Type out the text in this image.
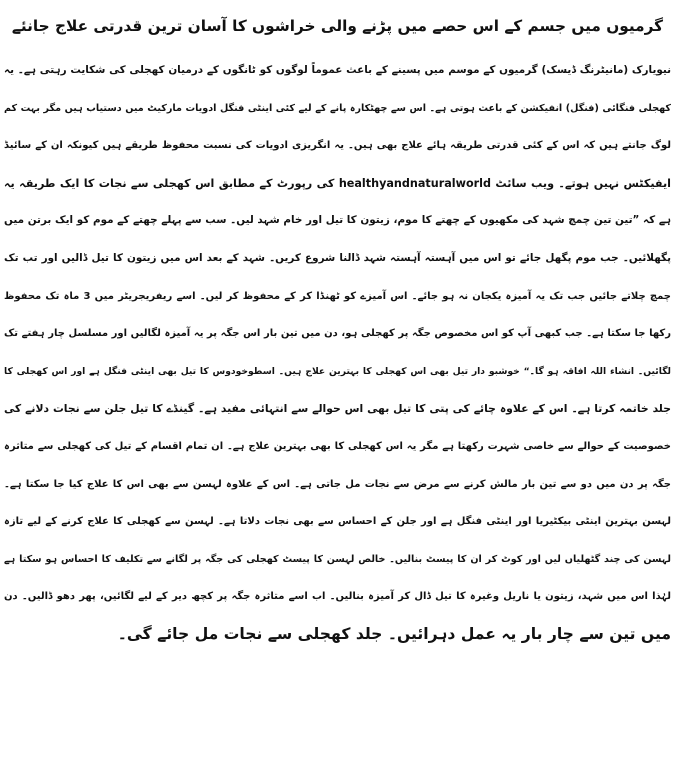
گرمیوں میں جسم کے اس حصے میں پڑنے والی خراشوں کا آسان ترین قدرتی علاج جانئے
نیویارک (مانیٹرنگ ڈیسک) گرمیوں کے موسم میں پسینے کے باعث عموماً لوگوں کو ٹانگوں کے درمیان کھجلی کی شکایت رہتی ہے۔ یہ
کھجلی فنگائی (فنگل) انفیکشن کے باعث ہوتی ہے۔ اس سے چھٹکارہ پانے کے لیے کئی اینٹی فنگل ادویات مارکیٹ میں دستیاب ہیں مگر بہت کم
لوگ جانتے ہیں کہ اس کے کئی قدرتی طریقہ ہائے علاج بھی ہیں۔ یہ انگریزی ادویات کی نسبت محفوظ طریقے ہیں کیونکہ ان کے سائیڈ
ایفیکٹس نہیں ہوتے۔ ویب سائٹ healthyandnaturalworld کی رپورٹ کے مطابق اس کھجلی سے نجات کا ایک طریقہ یہ
ہے کہ ”تین تین چمچ شہد کی مکھیوں کے چھتے کا موم، زیتون کا تیل اور خام شہد لیں۔ سب سے پہلے چھتے کے موم کو ایک برتن میں
پگھلائیں۔ جب موم پگھل جائے تو اس میں آہستہ آہستہ شہد ڈالنا شروع کریں۔ شہد کے بعد اس میں زیتون کا تیل ڈالیں اور تب تک
چمچ چلاتے جائیں جب تک یہ آمیزہ یکجان نہ ہو جائے۔ اس آمیزے کو ٹھنڈا کر کے محفوظ کر لیں۔ اسے ریفریجریٹر میں 3 ماہ تک محفوظ
رکھا جا سکتا ہے۔ جب کبھی آپ کو اس مخصوص جگہ پر کھجلی ہو، دن میں تین بار اس جگہ پر یہ آمیزہ لگالیں اور مسلسل چار ہفتے تک
لگائیں۔ انشاء اللہ افاقہ ہو گا۔“ خوشبو دار تیل بھی اس کھجلی کا بہترین علاج ہیں۔ اسطوخودوس کا تیل بھی اینٹی فنگل ہے اور اس کھجلی کا
جلد خاتمہ کرتا ہے۔ اس کے علاوہ چائے کی پتی کا تیل بھی اس حوالے سے انتہائی مفید ہے۔ گینڈے کا تیل جلن سے نجات دلانے کی
خصوصیت کے حوالے سے خاصی شہرت رکھتا ہے مگر یہ اس کھجلی کا بھی بہترین علاج ہے۔ ان تمام اقسام کے تیل کی کھجلی سے متاثرہ
جگہ پر دن میں دو سے تین بار مالش کرنے سے مرض سے نجات مل جاتی ہے۔ اس کے علاوہ لہسن سے بھی اس کا علاج کیا جا سکتا ہے۔
لہسن بہترین اینٹی بیکٹیریا اور اینٹی فنگل ہے اور جلن کے احساس سے بھی نجات دلاتا ہے۔ لہسن سے کھجلی کا علاج کرنے کے لیے تازہ
لہسن کی چند گٹھلیاں لیں اور کوٹ کر ان کا پیسٹ بنالیں۔ خالص لہسن کا پیسٹ کھجلی کی جگہ پر لگانے سے تکلیف کا احساس ہو سکتا ہے
لہٰذا اس میں شہد، زیتون یا ناریل وغیرہ کا تیل ڈال کر آمیزہ بنالیں۔ اب اسے متاثرہ جگہ پر کچھ دیر کے لیے لگائیں، پھر دھو ڈالیں۔ دن
میں تین سے چار بار یہ عمل دہرائیں۔ جلد کھجلی سے نجات مل جائے گی۔
